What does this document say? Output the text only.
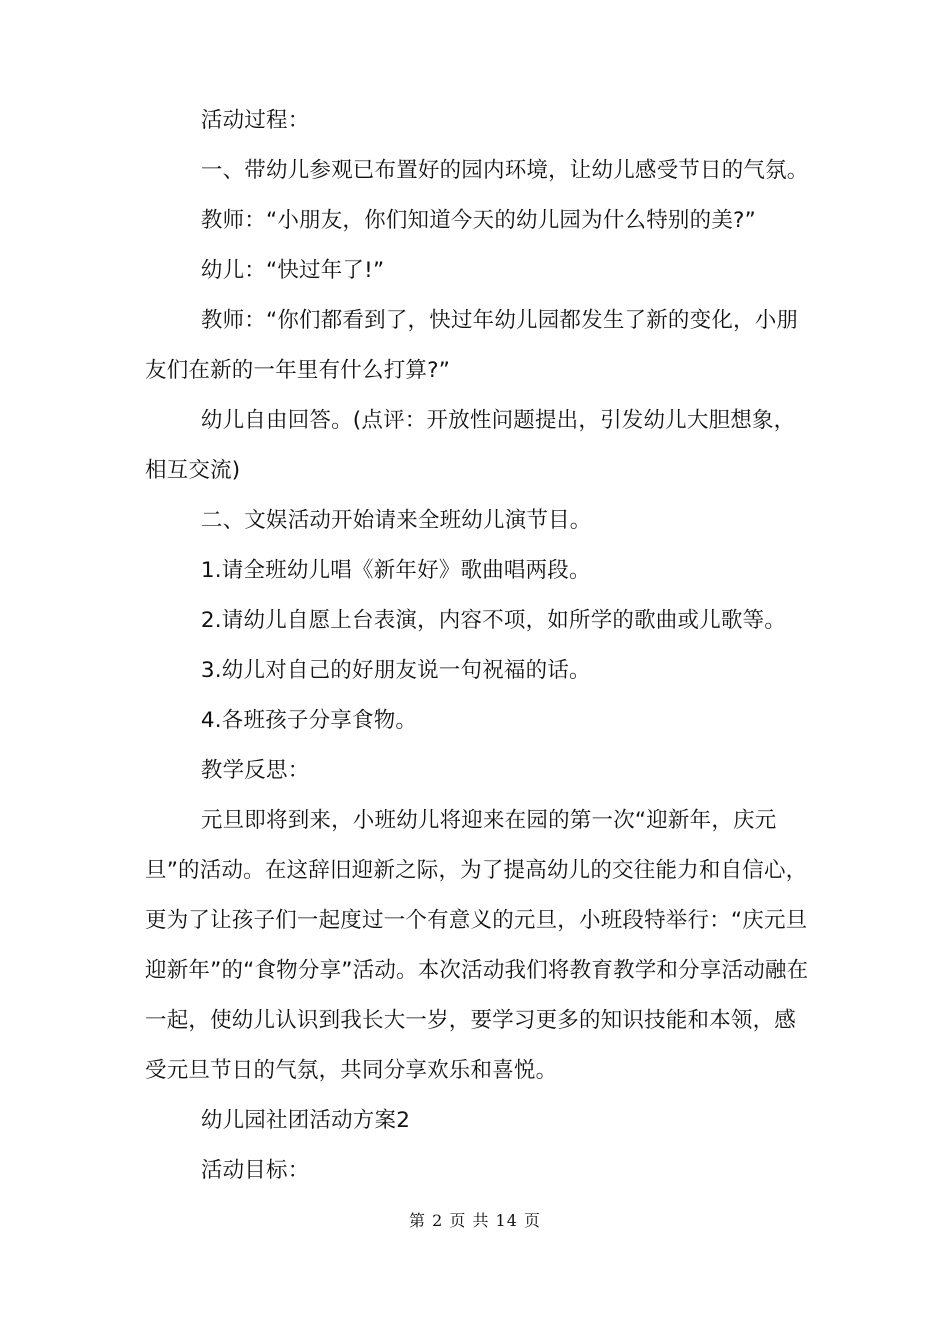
活动过程：

一、带幼儿参观已布置好的园内环境，让幼儿感受节日的气氛。

教师：“小朋友，你们知道今天的幼儿园为什么特别的美?”

幼儿：“快过年了!”

教师：“你们都看到了，快过年幼儿园都发生了新的变化，小朋友们在新的一年里有什么打算?”

幼儿自由回答。(点评：开放性问题提出，引发幼儿大胆想象，相互交流)

二、文娱活动开始请来全班幼儿演节目。

1.请全班幼儿唱《新年好》歌曲唱两段。

2.请幼儿自愿上台表演，内容不项，如所学的歌曲或儿歌等。

3.幼儿对自己的好朋友说一句祝福的话。

4.各班孩子分享食物。

教学反思：

元旦即将到来，小班幼儿将迎来在园的第一次“迎新年，庆元旦”的活动。在这辞旧迎新之际，为了提高幼儿的交往能力和自信心，更为了让孩子们一起度过一个有意义的元旦，小班段特举行：“庆元旦迎新年”的“食物分享”活动。本次活动我们将教育教学和分享活动融在一起，使幼儿认识到我长大一岁，要学习更多的知识技能和本领，感受元旦节日的气氛，共同分享欢乐和喜悦。

幼儿园社团活动方案2

活动目标：

第 2 页 共 14 页
